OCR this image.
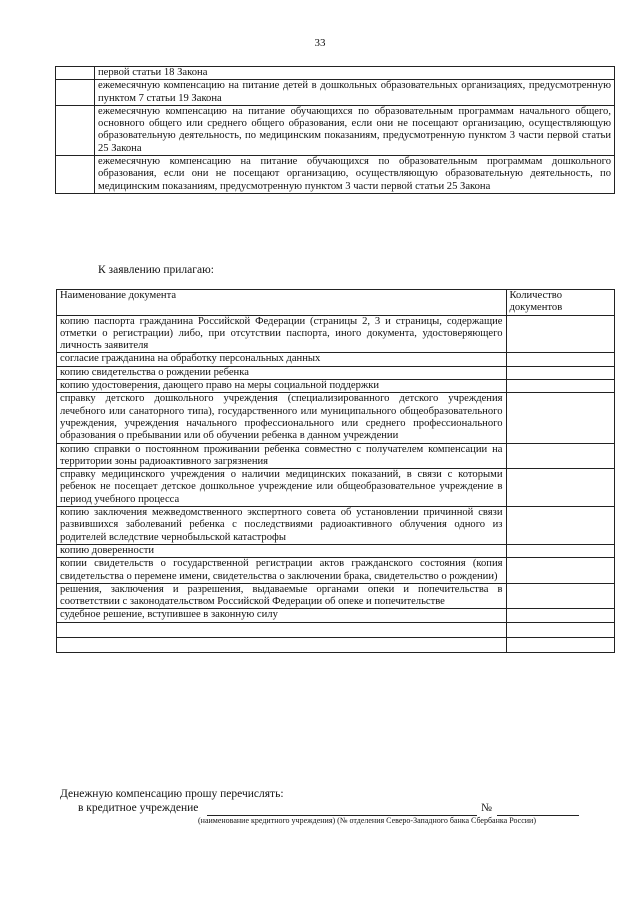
33
	первой статьи 18 Закона
	ежемесячную компенсацию на питание детей в дошкольных образовательных организациях, предусмотренную пунктом 7 статьи 19 Закона
	ежемесячную компенсацию на питание обучающихся по образовательным программам начального общего, основного общего или среднего общего образования, если они не посещают организацию, осуществляющую образовательную деятельность, по медицинским показаниям, предусмотренную пунктом 3 части первой статьи 25 Закона
	ежемесячную компенсацию на питание обучающихся по образовательным программам дошкольного образования, если они не посещают организацию, осуществляющую образовательную деятельность, по медицинским показаниям, предусмотренную пунктом 3 части первой статьи 25 Закона
К заявлению прилагаю:
Наименование документа	Количество документов
копию паспорта гражданина Российской Федерации (страницы 2, 3 и страницы, содержащие отметки о регистрации) либо, при отсутствии паспорта, иного документа, удостоверяющего личность заявителя	
согласие гражданина на обработку персональных данных	
копию свидетельства о рождении ребенка	
копию удостоверения, дающего право на меры социальной поддержки	
справку детского дошкольного учреждения (специализированного детского учреждения лечебного или санаторного типа), государственного или муниципального общеобразовательного учреждения, учреждения начального профессионального или среднего профессионального образования о пребывании или об обучении ребенка в данном учреждении	
копию справки о постоянном проживании ребенка совместно с получателем компенсации на территории зоны радиоактивного загрязнения	
справку медицинского учреждения о наличии медицинских показаний, в связи с которыми ребенок не посещает детское дошкольное учреждение или общеобразовательное учреждение в период учебного процесса	
копию заключения межведомственного экспертного совета об установлении причинной связи развившихся заболеваний ребенка с последствиями радиоактивного облучения одного из родителей вследствие чернобыльской катастрофы	
копию доверенности	
копии свидетельств о государственной регистрации актов гражданского состояния (копия свидетельства о перемене имени, свидетельства о заключении брака, свидетельство о рождении)	
решения, заключения и разрешения, выдаваемые органами опеки и попечительства в соответствии с законодательством Российской Федерации об опеке и попечительстве	
судебное решение, вступившее в законную силу	

Денежную компенсацию прошу перечислять:
в кредитное учреждение	№
(наименование кредитного учреждения) (№ отделения Северо-Западного банка Сбербанка России)
